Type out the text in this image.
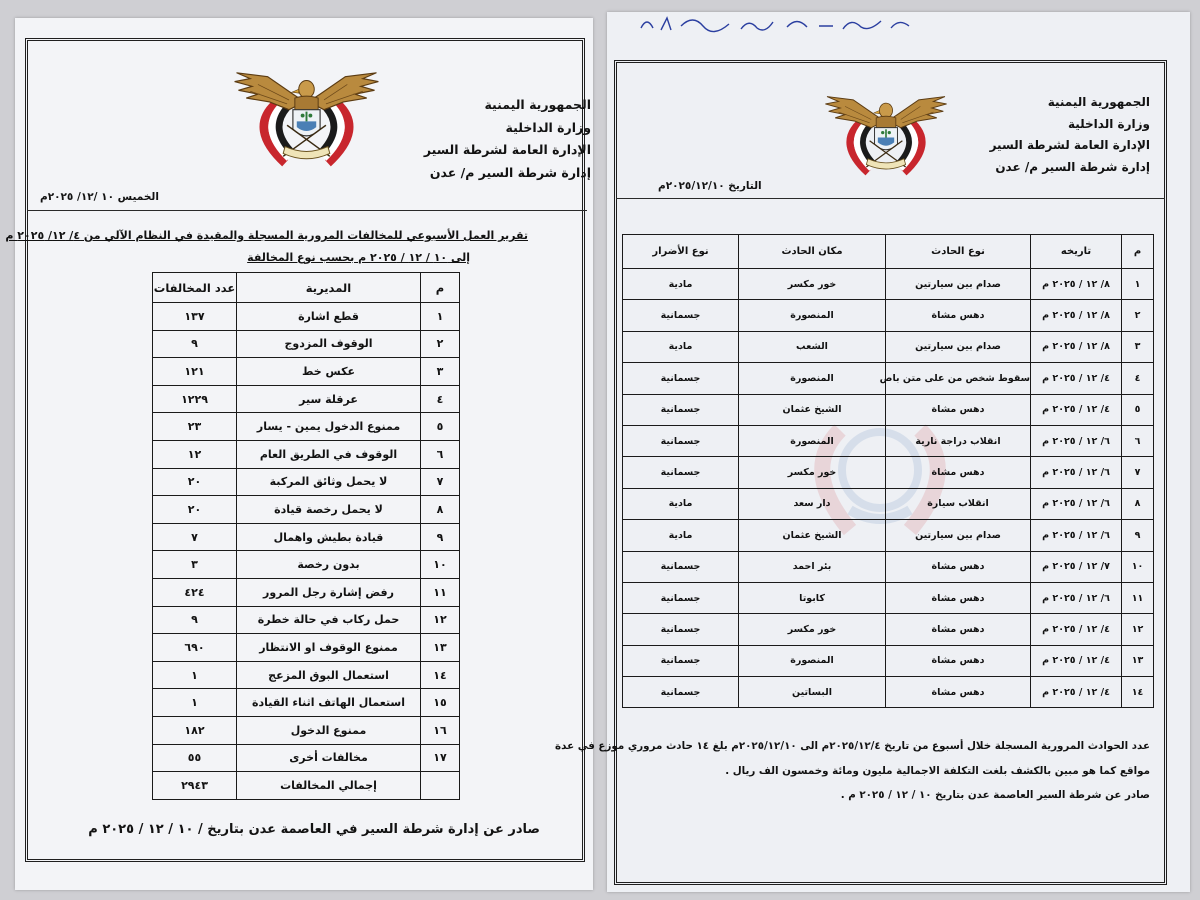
الجمهورية اليمنية
وزارة الداخلية
الإدارة العامة لشرطة السير
إدارة شرطة السير م/ عدن
الخميس ١٠ /١٢/ ٢٠٢٥م
تقرير العمل الأسبوعي للمخالفات المرورية المسجلة والمقيدة في النظام الآلي من ٤/ ١٢/ ٢٠٢٥ م
إلى ١٠ / ١٢ / ٢٠٢٥ م بحسب نوع المخالفة
م	المديرية	عدد المخالفات
١	قطع اشارة	١٣٧
٢	الوقوف المزدوج	٩
٣	عكس خط	١٢١
٤	عرقلة سير	١٢٢٩
٥	ممنوع الدخول يمين - يسار	٢٣
٦	الوقوف في الطريق العام	١٢
٧	لا يحمل وثائق المركبة	٢٠
٨	لا يحمل رخصة قيادة	٢٠
٩	قيادة بطيش واهمال	٧
١٠	بدون رخصة	٣
١١	رفض إشارة رجل المرور	٤٢٤
١٢	حمل ركاب في حالة خطرة	٩
١٣	ممنوع الوقوف او الانتظار	٦٩٠
١٤	استعمال البوق المزعج	١
١٥	استعمال الهاتف اثناء القيادة	١
١٦	ممنوع الدخول	١٨٢
١٧	مخالفات أخرى	٥٥
	إجمالي المخالفات	٢٩٤٣
صادر عن إدارة شرطة السير في العاصمة عدن بتاريخ / ١٠ / ١٢ / ٢٠٢٥ م
الجمهورية اليمنية
وزارة الداخلية
الإدارة العامة لشرطة السير
إدارة شرطة السير م/ عدن
التاريخ ٢٠٢٥/١٢/١٠م
م	تاريخه	نوع الحادث	مكان الحادث	نوع الأضرار
١	٨/ ١٢ / ٢٠٢٥ م	صدام بين سيارتين	خور مكسر	مادية
٢	٨/ ١٢ / ٢٠٢٥ م	دهس مشاة	المنصورة	جسمانية
٣	٨/ ١٢ / ٢٠٢٥ م	صدام بين سيارتين	الشعب	مادية
٤	٤/ ١٢ / ٢٠٢٥ م	سقوط شخص من على متن باص	المنصورة	جسمانية
٥	٤/ ١٢ / ٢٠٢٥ م	دهس مشاة	الشيخ عثمان	جسمانية
٦	٦/ ١٢ / ٢٠٢٥ م	انقلاب دراجة نارية	المنصورة	جسمانية
٧	٦/ ١٢ / ٢٠٢٥ م	دهس مشاة	خور مكسر	جسمانية
٨	٦/ ١٢ / ٢٠٢٥ م	انقلاب سيارة	دار سعد	مادية
٩	٦/ ١٢ / ٢٠٢٥ م	صدام بين سيارتين	الشيخ عثمان	مادية
١٠	٧/ ١٢ / ٢٠٢٥ م	دهس مشاة	بئر احمد	جسمانية
١١	٦/ ١٢ / ٢٠٢٥ م	دهس مشاة	كابوتا	جسمانية
١٢	٤/ ١٢ / ٢٠٢٥ م	دهس مشاة	خور مكسر	جسمانية
١٣	٤/ ١٢ / ٢٠٢٥ م	دهس مشاة	المنصورة	جسمانية
١٤	٤/ ١٢ / ٢٠٢٥ م	دهس مشاة	البساتين	جسمانية
عدد الحوادث المرورية المسجلة خلال أسبوع من تاريخ ٢٠٢٥/١٢/٤م الى ٢٠٢٥/١٢/١٠م بلغ ١٤ حادث مروري موزع في عدة
مواقع كما هو مبين بالكشف بلغت التكلفة الاجمالية مليون ومائة وخمسون الف ريال .
صادر عن شرطة السير العاصمة عدن بتاريخ ١٠ / ١٢ / ٢٠٢٥ م .
